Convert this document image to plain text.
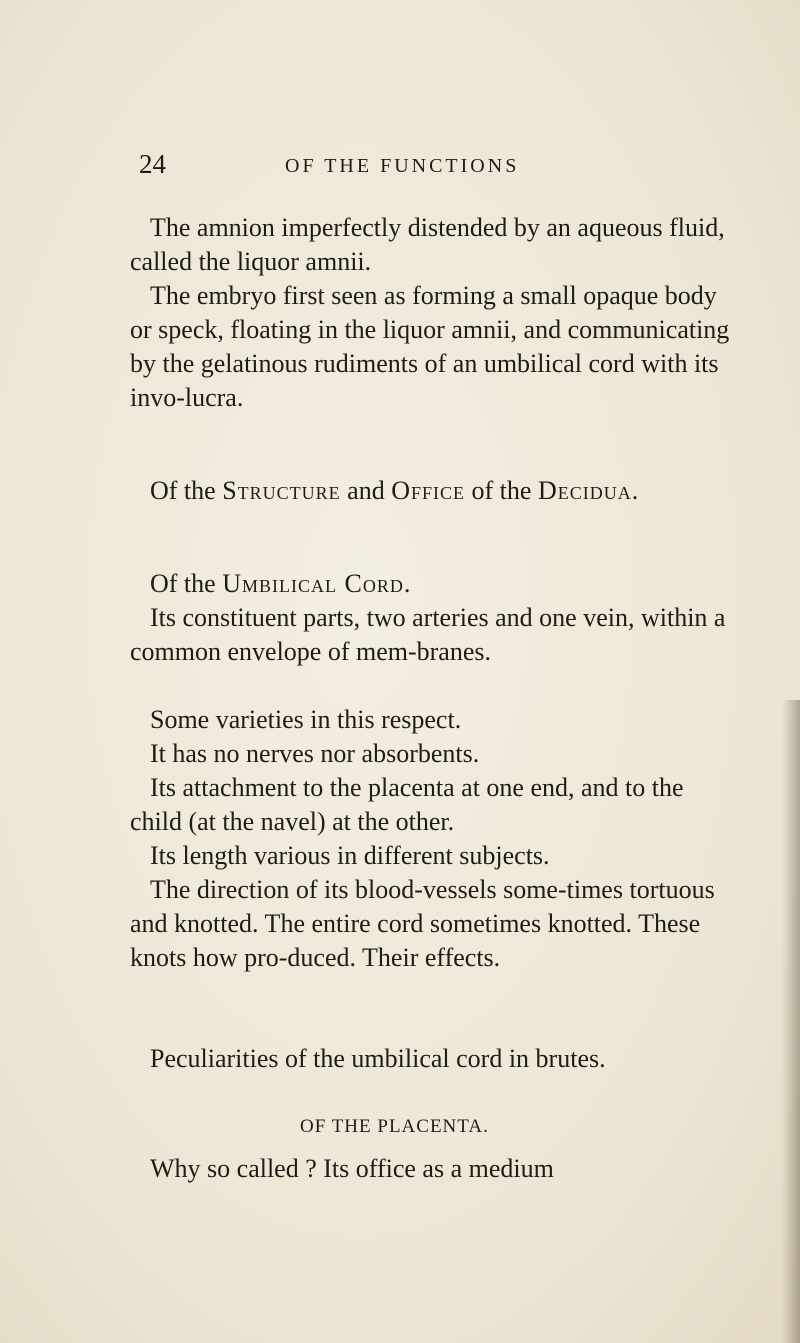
24	OF THE FUNCTIONS

The amnion imperfectly distended by an aqueous fluid, called the liquor amnii.

The embryo first seen as forming a small opaque body or speck, floating in the liquor amnii, and communicating by the gelatinous rudiments of an umbilical cord with its invo-lucra.

Of the Structure and Office of the Decidua.

Of the Umbilical Cord.

Its constituent parts, two arteries and one vein, within a common envelope of mem-branes.

Some varieties in this respect.

It has no nerves nor absorbents.

Its attachment to the placenta at one end, and to the child (at the navel) at the other.

Its length various in different subjects.

The direction of its blood-vessels some-times tortuous and knotted. The entire cord sometimes knotted. These knots how pro-duced. Their effects.

Peculiarities of the umbilical cord in brutes.

OF THE PLACENTA.

Why so called ? Its office as a medium
